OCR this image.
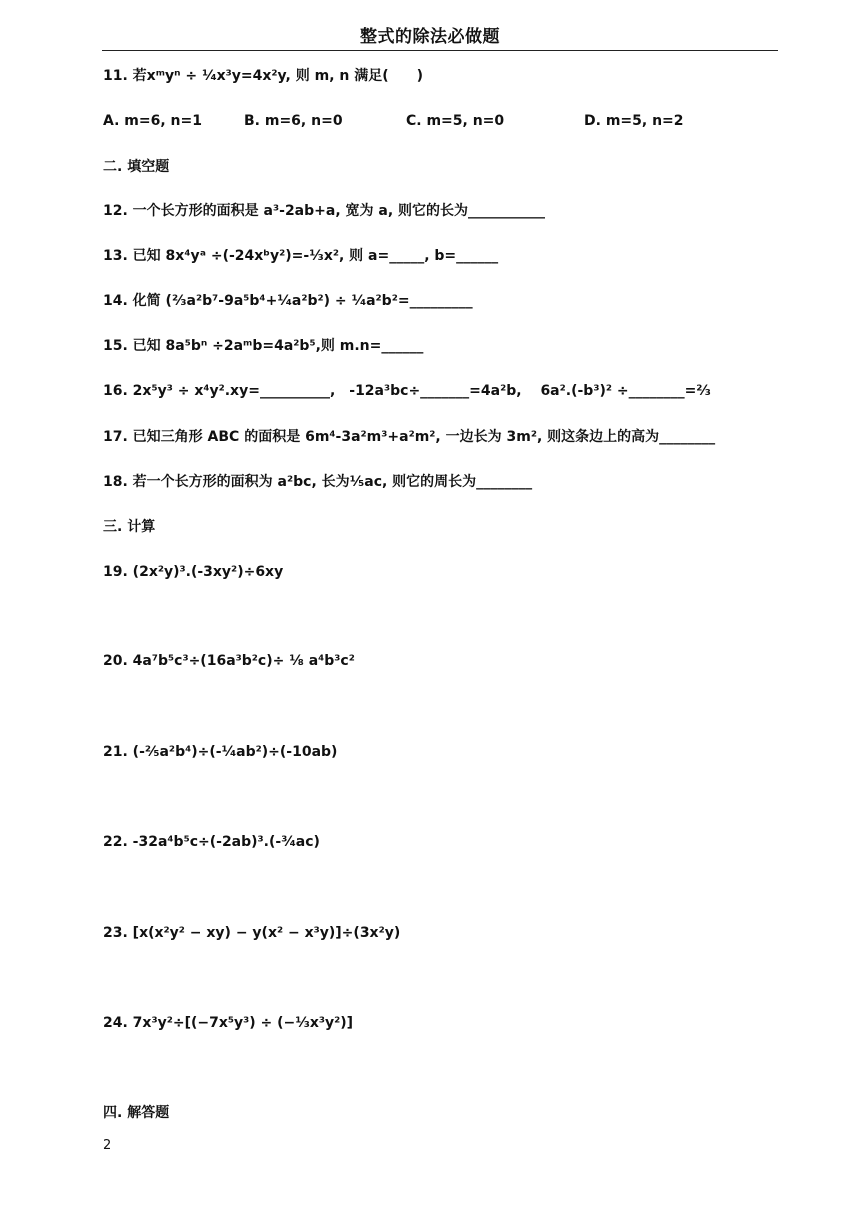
整式的除法必做题
11. 若xᵐyⁿ ÷ ¹⁄₄x³y=4x²y, 则 m, n 满足(　　)
A. m=6, n=1	B. m=6, n=0	C. m=5, n=0	D. m=5, n=2
二. 填空题
12. 一个长方形的面积是 a³-2ab+a, 宽为 a, 则它的长为___________
13. 已知 8x⁴yᵃ ÷(-24xᵇy²)=-¹⁄₃x², 则 a=_____, b=______
14. 化简 (²⁄₃a²b⁷-9a⁵b⁴+¹⁄₄a²b²) ÷ ¹⁄₄a²b²=_________
15. 已知 8a⁵bⁿ ÷2aᵐb=4a²b⁵,则 m.n=______
16. 2x⁵y³ ÷ x⁴y².xy=__________,　-12a³bc÷_______=4a²b,　 6a².(-b³)² ÷________=²⁄₃
17. 已知三角形 ABC 的面积是 6m⁴-3a²m³+a²m², 一边长为 3m², 则这条边上的高为________
18. 若一个长方形的面积为 a²bc, 长为¹⁄₅ac, 则它的周长为________
三. 计算
19. (2x²y)³.(-3xy²)÷6xy
20. 4a⁷b⁵c³÷(16a³b²c)÷ ¹⁄₈ a⁴b³c²
21. (-²⁄₅a²b⁴)÷(-¹⁄₄ab²)÷(-10ab)
22. -32a⁴b⁵c÷(-2ab)³.(-³⁄₄ac)
23. [x(x²y² − xy) − y(x² − x³y)]÷(3x²y)
24. 7x³y²÷[(−7x⁵y³) ÷ (−¹⁄₃x³y²)]
四. 解答题
2
